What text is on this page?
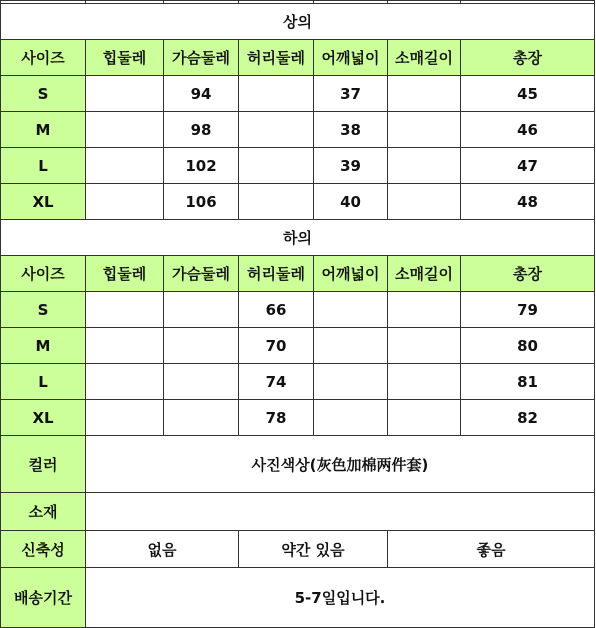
상의						
사이즈	힙둘레	가슴둘레	허리둘레	어깨넓이	소매길이	총장
S		94		37		45
M		98		38		46
L		102		39		47
XL		106		40		48
하의						
사이즈	힙둘레	가슴둘레	허리둘레	어깨넓이	소매길이	총장
S			66			79
M			70			80
L			74			81
XL			78			82
컬러	사진색상(灰色加棉两件套)					
소재						
신축성	없음		약간 있음		좋음	
배송기간	5-7일입니다.					
